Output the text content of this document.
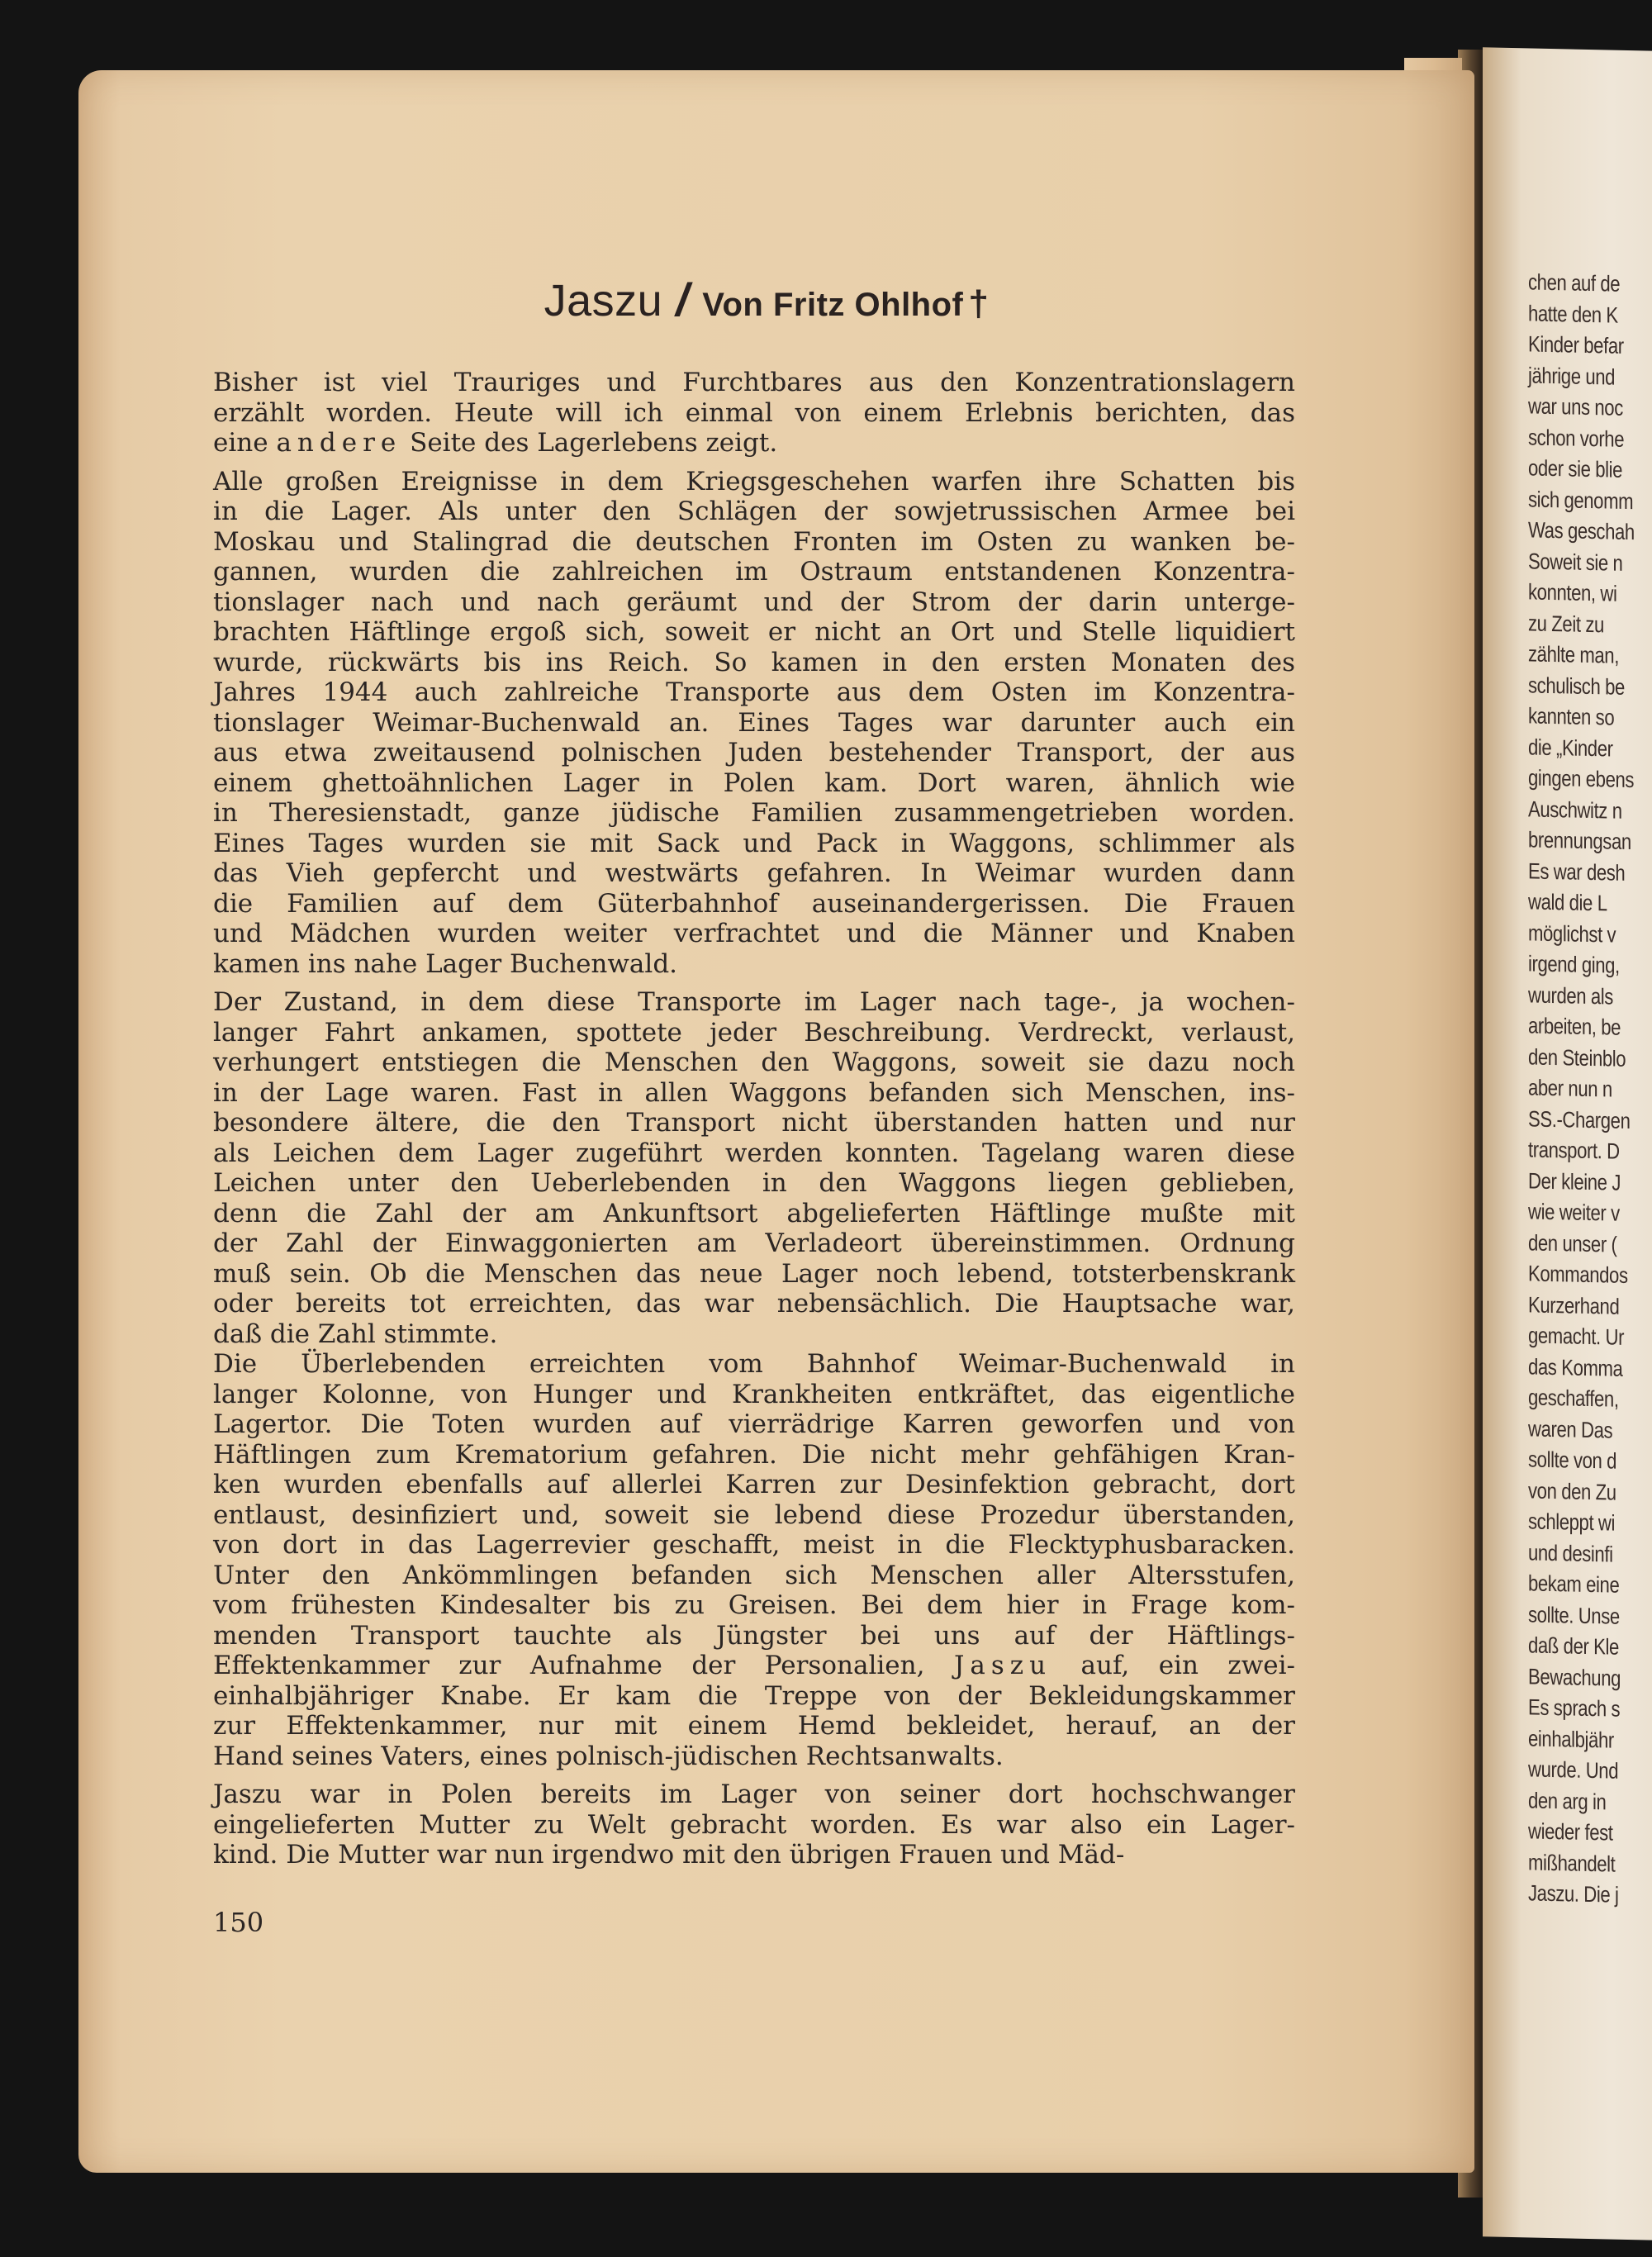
chen auf de
hatte den K
Kinder befar
jährige und
war uns noc
schon vorhe
oder sie blie
sich genomm
Was geschah
Soweit sie n
konnten, wi
zu Zeit zu
zählte man,
schulisch be
kannten so
die „Kinder
gingen ebens
Auschwitz n
brennungsan
Es war desh
wald die L
möglichst v
irgend ging,
wurden als
arbeiten, be
den Steinblo
aber nun n
SS.-Chargen
transport. D
Der kleine J
wie weiter v
den unser (
Kommandos
Kurzerhand
gemacht. Ur
das Komma
geschaffen,
waren Das
sollte von d
von den Zu
schleppt wi
und desinfi
bekam eine
sollte. Unse
daß der Kle
Bewachung
Es sprach s
einhalbjähr
wurde. Und
den arg in
wieder fest
mißhandelt
Jaszu. Die j
Jaszu / Von Fritz Ohlhof †
Bisher ist viel Trauriges und Furchtbares aus den Konzentrationslagern
erzählt worden. Heute will ich einmal von einem Erlebnis berichten, das
eine andere Seite des Lagerlebens zeigt.
Alle großen Ereignisse in dem Kriegsgeschehen warfen ihre Schatten bis
in die Lager. Als unter den Schlägen der sowjetrussischen Armee bei
Moskau und Stalingrad die deutschen Fronten im Osten zu wanken be-
gannen, wurden die zahlreichen im Ostraum entstandenen Konzentra-
tionslager nach und nach geräumt und der Strom der darin unterge-
brachten Häftlinge ergoß sich, soweit er nicht an Ort und Stelle liquidiert
wurde, rückwärts bis ins Reich. So kamen in den ersten Monaten des
Jahres 1944 auch zahlreiche Transporte aus dem Osten im Konzentra-
tionslager Weimar-Buchenwald an. Eines Tages war darunter auch ein
aus etwa zweitausend polnischen Juden bestehender Transport, der aus
einem ghettoähnlichen Lager in Polen kam. Dort waren, ähnlich wie
in Theresienstadt, ganze jüdische Familien zusammengetrieben worden.
Eines Tages wurden sie mit Sack und Pack in Waggons, schlimmer als
das Vieh gepfercht und westwärts gefahren. In Weimar wurden dann
die Familien auf dem Güterbahnhof auseinandergerissen. Die Frauen
und Mädchen wurden weiter verfrachtet und die Männer und Knaben
kamen ins nahe Lager Buchenwald.
Der Zustand, in dem diese Transporte im Lager nach tage-, ja wochen-
langer Fahrt ankamen, spottete jeder Beschreibung. Verdreckt, verlaust,
verhungert entstiegen die Menschen den Waggons, soweit sie dazu noch
in der Lage waren. Fast in allen Waggons befanden sich Menschen, ins-
besondere ältere, die den Transport nicht überstanden hatten und nur
als Leichen dem Lager zugeführt werden konnten. Tagelang waren diese
Leichen unter den Ueberlebenden in den Waggons liegen geblieben,
denn die Zahl der am Ankunftsort abgelieferten Häftlinge mußte mit
der Zahl der Einwaggonierten am Verladeort übereinstimmen. Ordnung
muß sein. Ob die Menschen das neue Lager noch lebend, totsterbenskrank
oder bereits tot erreichten, das war nebensächlich. Die Hauptsache war,
daß die Zahl stimmte.
Die Überlebenden erreichten vom Bahnhof Weimar-Buchenwald in
langer Kolonne, von Hunger und Krankheiten entkräftet, das eigentliche
Lagertor. Die Toten wurden auf vierrädrige Karren geworfen und von
Häftlingen zum Krematorium gefahren. Die nicht mehr gehfähigen Kran-
ken wurden ebenfalls auf allerlei Karren zur Desinfektion gebracht, dort
entlaust, desinfiziert und, soweit sie lebend diese Prozedur überstanden,
von dort in das Lagerrevier geschafft, meist in die Flecktyphusbaracken.
Unter den Ankömmlingen befanden sich Menschen aller Altersstufen,
vom frühesten Kindesalter bis zu Greisen. Bei dem hier in Frage kom-
menden Transport tauchte als Jüngster bei uns auf der Häftlings-
Effektenkammer zur Aufnahme der Personalien, Jaszu auf, ein zwei-
einhalbjähriger Knabe. Er kam die Treppe von der Bekleidungskammer
zur Effektenkammer, nur mit einem Hemd bekleidet, herauf, an der
Hand seines Vaters, eines polnisch-jüdischen Rechtsanwalts.
Jaszu war in Polen bereits im Lager von seiner dort hochschwanger
eingelieferten Mutter zu Welt gebracht worden. Es war also ein Lager-
kind. Die Mutter war nun irgendwo mit den übrigen Frauen und Mäd-
150
